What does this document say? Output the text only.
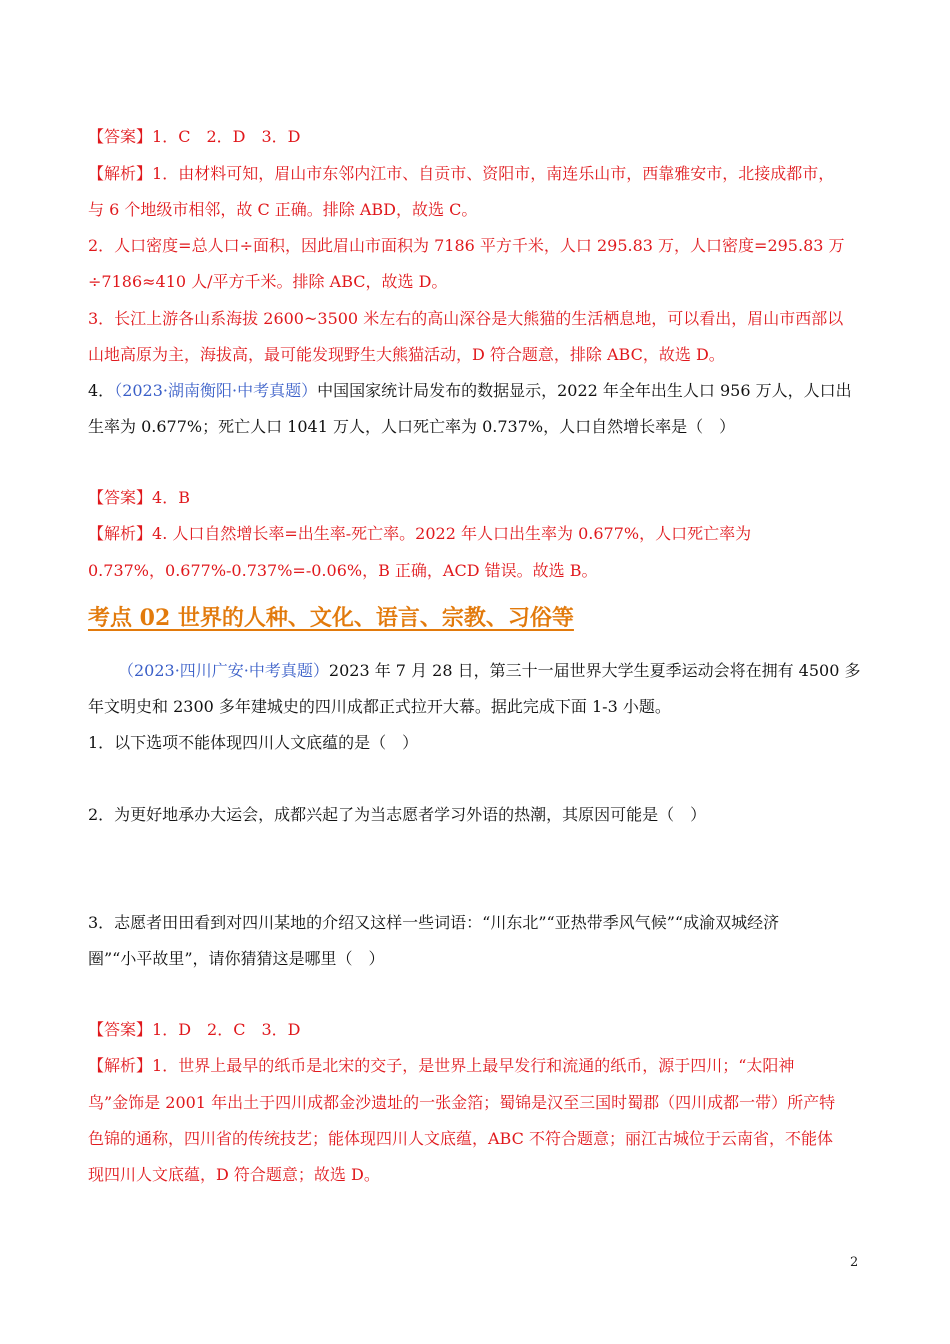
【答案】1．C　2．D　3．D
【解析】1．由材料可知，眉山市东邻内江市、自贡市、资阳市，南连乐山市，西靠雅安市，北接成都市，
与 6 个地级市相邻，故 C 正确。排除 ABD，故选 C。
2．人口密度=总人口÷面积，因此眉山市面积为 7186 平方千米，人口 295.83 万，人口密度=295.83 万
÷7186≈410 人/平方千米。排除 ABC，故选 D。
3．长江上游各山系海拔 2600~3500 米左右的高山深谷是大熊猫的生活栖息地，可以看出，眉山市西部以
山地高原为主，海拔高，最可能发现野生大熊猫活动，D 符合题意，排除 ABC，故选 D。
4．（2023·湖南衡阳·中考真题）中国国家统计局发布的数据显示，2022 年全年出生人口 956 万人，人口出
生率为 0.677%；死亡人口 1041 万人，人口死亡率为 0.737%，人口自然增长率是（　）
【答案】4．B
【解析】4. 人口自然增长率=出生率-死亡率。2022 年人口出生率为 0.677%，人口死亡率为
0.737%，0.677%-0.737%=-0.06%，B 正确，ACD 错误。故选 B。
考点 02 世界的人种、文化、语言、宗教、习俗等
（2023·四川广安·中考真题）2023 年 7 月 28 日，第三十一届世界大学生夏季运动会将在拥有 4500 多
年文明史和 2300 多年建城史的四川成都正式拉开大幕。据此完成下面 1-3 小题。
1．以下选项不能体现四川人文底蕴的是（　）
2．为更好地承办大运会，成都兴起了为当志愿者学习外语的热潮，其原因可能是（　）
3．志愿者田田看到对四川某地的介绍又这样一些词语：“川东北”“亚热带季风气候”“成渝双城经济
圈”“小平故里”，请你猜猜这是哪里（　）
【答案】1．D　2．C　3．D
【解析】1．世界上最早的纸币是北宋的交子，是世界上最早发行和流通的纸币，源于四川；“太阳神
鸟”金饰是 2001 年出土于四川成都金沙遗址的一张金箔；蜀锦是汉至三国时蜀郡（四川成都一带）所产特
色锦的通称，四川省的传统技艺；能体现四川人文底蕴，ABC 不符合题意；丽江古城位于云南省，不能体
现四川人文底蕴，D 符合题意；故选 D。
2
